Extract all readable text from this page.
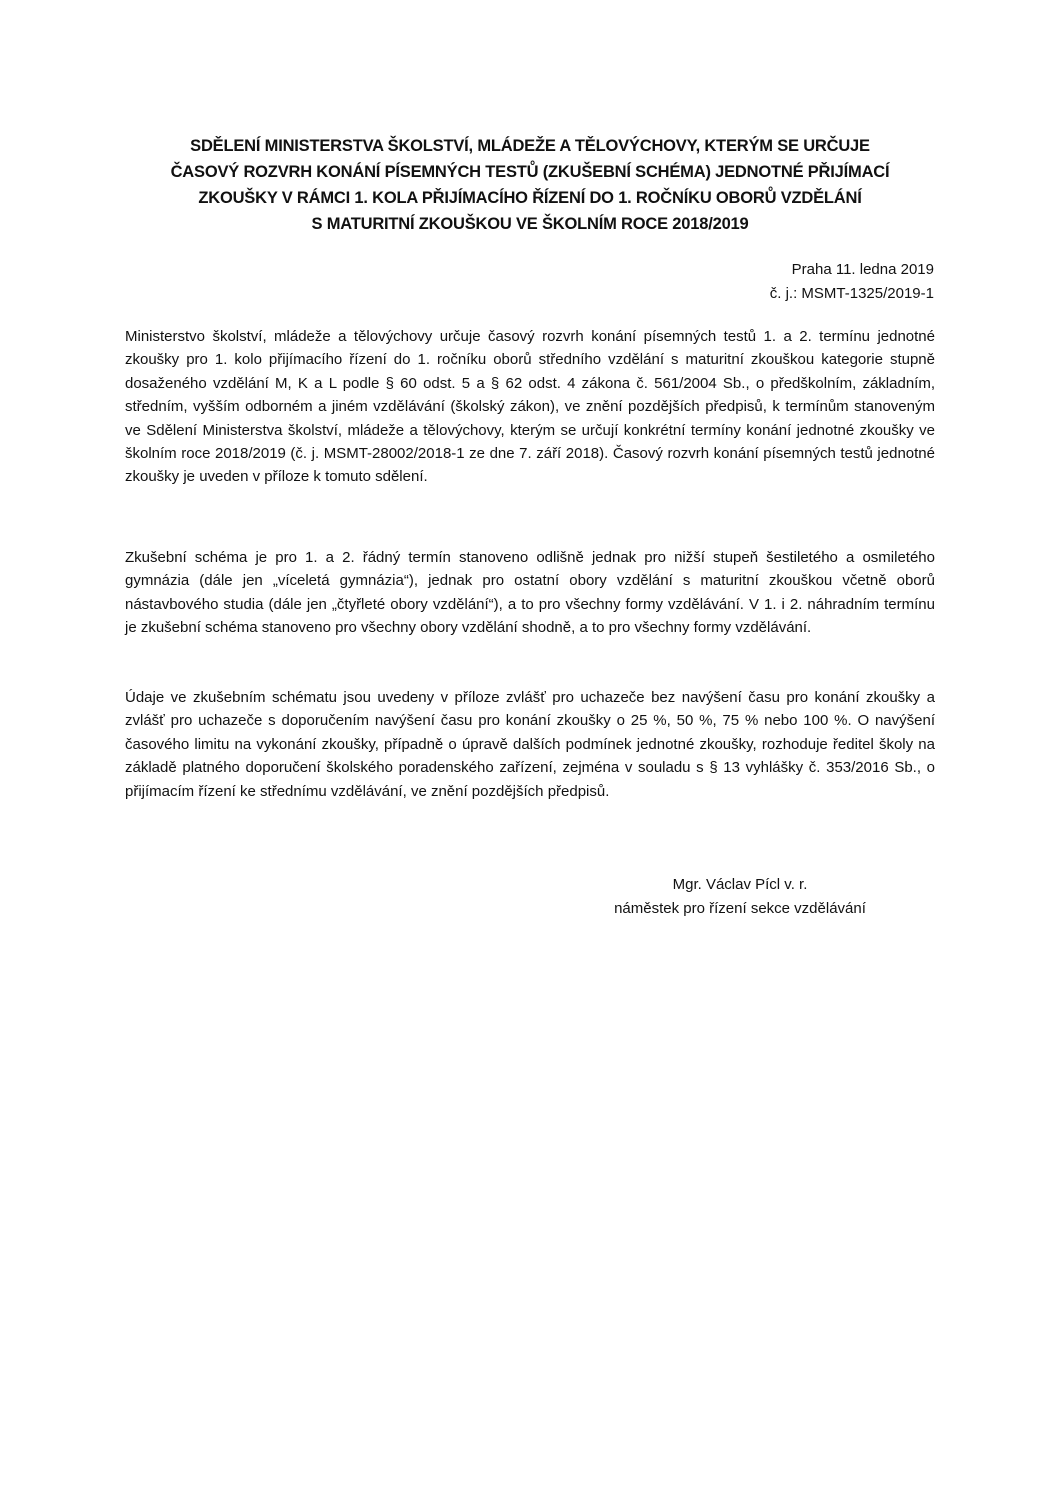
SDĚLENÍ MINISTERSTVA ŠKOLSTVÍ, MLÁDEŽE A TĚLOVÝCHOVY, KTERÝM SE URČUJE
ČASOVÝ ROZVRH KONÁNÍ PÍSEMNÝCH TESTŮ (ZKUŠEBNÍ SCHÉMA) JEDNOTNÉ PŘIJÍMACÍ
ZKOUŠKY V RÁMCI 1. KOLA PŘIJÍMACÍHO ŘÍZENÍ DO 1. ROČNÍKU OBORŮ VZDĚLÁNÍ
S MATURITNÍ ZKOUŠKOU VE ŠKOLNÍM ROCE 2018/2019
Praha 11. ledna 2019
č. j.: MSMT-1325/2019-1
Ministerstvo školství, mládeže a tělovýchovy určuje časový rozvrh konání písemných testů 1. a 2. termínu jednotné zkoušky pro 1. kolo přijímacího řízení do 1. ročníku oborů středního vzdělání s maturitní zkouškou kategorie stupně dosaženého vzdělání M, K a L podle § 60 odst. 5 a § 62 odst. 4 zákona č. 561/2004 Sb., o předškolním, základním, středním, vyšším odborném a jiném vzdělávání (školský zákon), ve znění pozdějších předpisů, k termínům stanoveným ve Sdělení Ministerstva školství, mládeže a tělovýchovy, kterým se určují konkrétní termíny konání jednotné zkoušky ve školním roce 2018/2019 (č. j. MSMT-28002/2018-1 ze dne 7. září 2018). Časový rozvrh konání písemných testů jednotné zkoušky je uveden v příloze k tomuto sdělení.
Zkušební schéma je pro 1. a 2. řádný termín stanoveno odlišně jednak pro nižší stupeň šestiletého a osmiletého gymnázia (dále jen „víceletá gymnázia“), jednak pro ostatní obory vzdělání s maturitní zkouškou včetně oborů nástavbového studia (dále jen „čtyřleté obory vzdělání“), a to pro všechny formy vzdělávání. V 1. i 2. náhradním termínu je zkušební schéma stanoveno pro všechny obory vzdělání shodně, a to pro všechny formy vzdělávání.
Údaje ve zkušebním schématu jsou uvedeny v příloze zvlášť pro uchazeče bez navýšení času pro konání zkoušky a zvlášť pro uchazeče s doporučením navýšení času pro konání zkoušky o 25 %, 50 %, 75 % nebo 100 %. O navýšení časového limitu na vykonání zkoušky, případně o úpravě dalších podmínek jednotné zkoušky, rozhoduje ředitel školy na základě platného doporučení školského poradenského zařízení, zejména v souladu s § 13 vyhlášky č. 353/2016 Sb., o přijímacím řízení ke střednímu vzdělávání, ve znění pozdějších předpisů.
Mgr. Václav Pícl v. r.
náměstek pro řízení sekce vzdělávání
